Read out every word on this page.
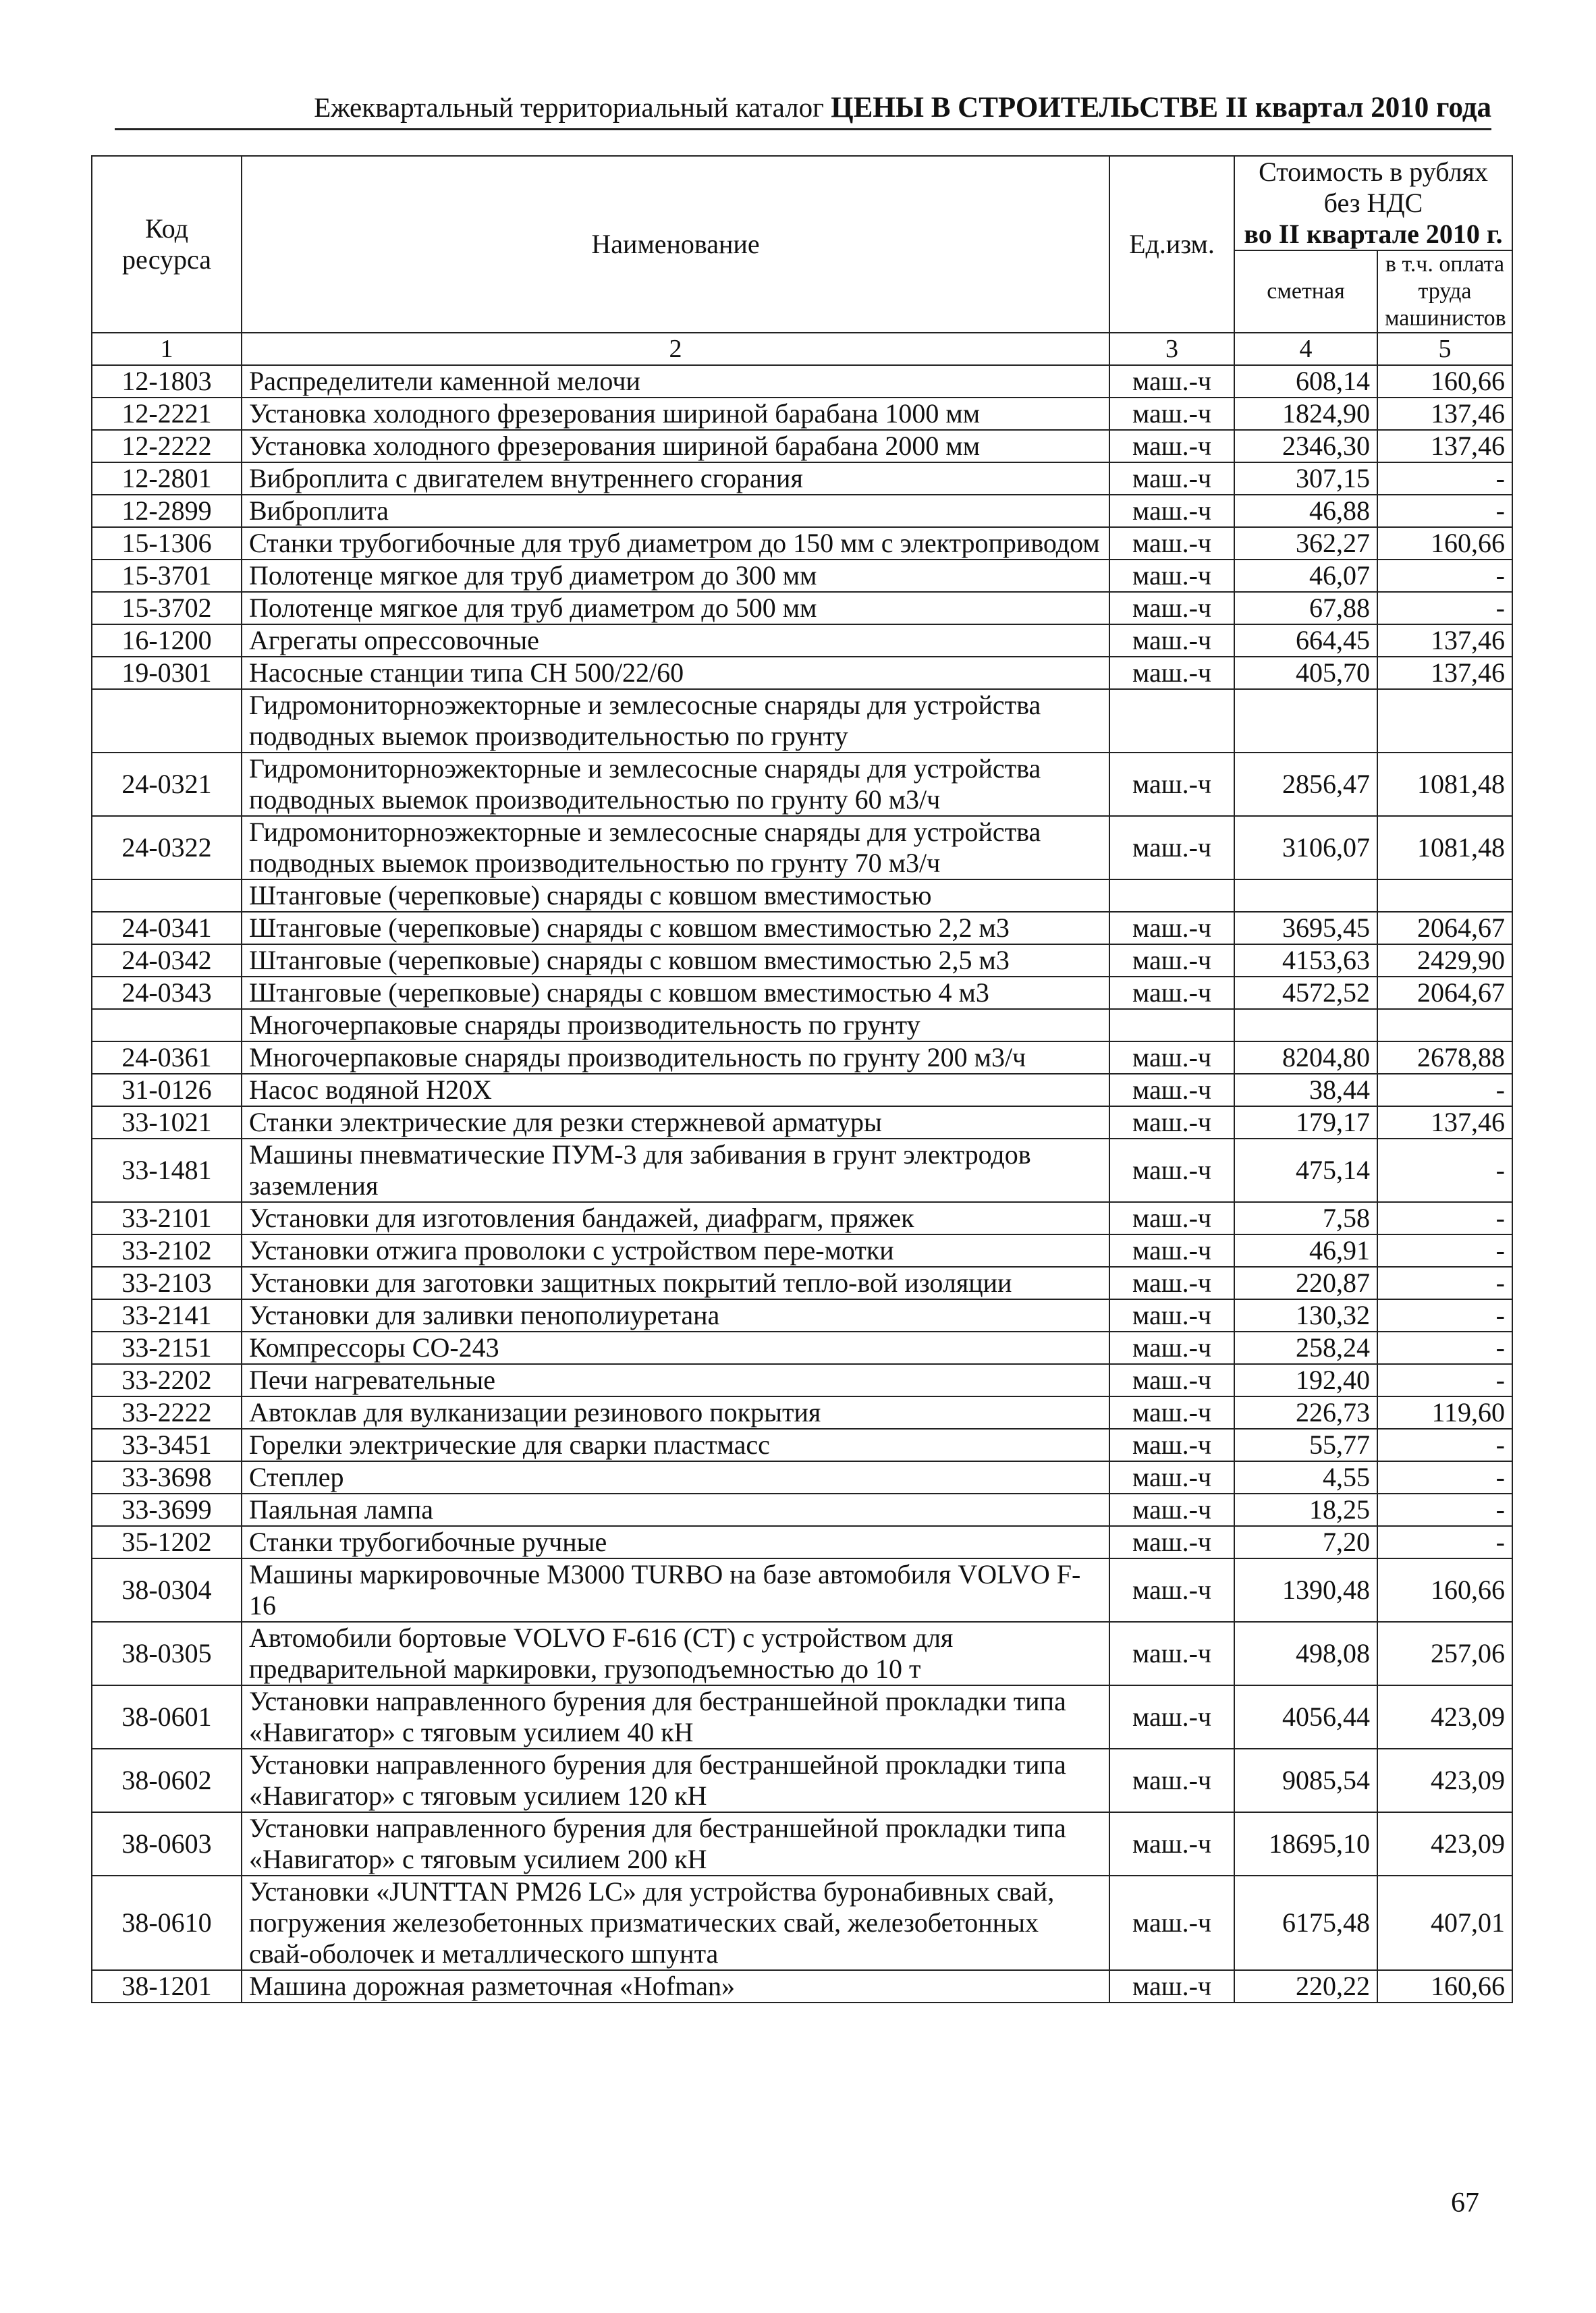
Ежеквартальный территориальный каталог ЦЕНЫ В СТРОИТЕЛЬСТВЕ II квартал 2010 года
Код ресурса	Наименование	Ед.изм.	Стоимость в рублях без НДС
во II квартале 2010 г.	

			сметная	в т.ч. оплата труда машинистов
1	2	3	4	5
12-1803	Распределители каменной мелочи	маш.-ч	608,14	160,66
12-2221	Установка холодного фрезерования шириной барабана 1000 мм	маш.-ч	1824,90	137,46
12-2222	Установка холодного фрезерования шириной барабана 2000 мм	маш.-ч	2346,30	137,46
12-2801	Виброплита с двигателем внутреннего сгорания	маш.-ч	307,15	-
12-2899	Виброплита	маш.-ч	46,88	-
15-1306	Станки трубогибочные для труб диаметром до 150 мм с электроприводом	маш.-ч	362,27	160,66
15-3701	Полотенце мягкое для труб диаметром до 300 мм	маш.-ч	46,07	-
15-3702	Полотенце мягкое для труб диаметром до 500 мм	маш.-ч	67,88	-
16-1200	Агрегаты опрессовочные	маш.-ч	664,45	137,46
19-0301	Насосные станции типа СН 500/22/60	маш.-ч	405,70	137,46
	Гидромониторноэжекторные и землесосные снаряды для устройства подводных выемок производительностью по грунту			
24-0321	Гидромониторноэжекторные и землесосные снаряды для устройства подводных выемок производительностью по грунту 60 м3/ч	маш.-ч	2856,47	1081,48
24-0322	Гидромониторноэжекторные и землесосные снаряды для устройства подводных выемок производительностью по грунту 70 м3/ч	маш.-ч	3106,07	1081,48
	Штанговые (черепковые) снаряды с ковшом вместимостью			
24-0341	Штанговые (черепковые) снаряды с ковшом вместимостью 2,2 м3	маш.-ч	3695,45	2064,67
24-0342	Штанговые (черепковые) снаряды с ковшом вместимостью 2,5 м3	маш.-ч	4153,63	2429,90
24-0343	Штанговые (черепковые) снаряды с ковшом вместимостью 4 м3	маш.-ч	4572,52	2064,67
	Многочерпаковые снаряды производительность по грунту			
24-0361	Многочерпаковые снаряды производительность по грунту 200 м3/ч	маш.-ч	8204,80	2678,88
31-0126	Насос водяной Н20Х	маш.-ч	38,44	-
33-1021	Станки электрические для резки стержневой арматуры	маш.-ч	179,17	137,46
33-1481	Машины пневматические ПУМ-3 для забивания в грунт электродов заземления	маш.-ч	475,14	-
33-2101	Установки для изготовления бандажей, диафрагм, пряжек	маш.-ч	7,58	-
33-2102	Установки отжига проволоки с устройством пере-мотки	маш.-ч	46,91	-
33-2103	Установки для заготовки защитных покрытий тепло-вой изоляции	маш.-ч	220,87	-
33-2141	Установки для заливки пенополиуретана	маш.-ч	130,32	-
33-2151	Компрессоры СО-243	маш.-ч	258,24	-
33-2202	Печи нагревательные	маш.-ч	192,40	-
33-2222	Автоклав для вулканизации резинового покрытия	маш.-ч	226,73	119,60
33-3451	Горелки электрические для сварки пластмасс	маш.-ч	55,77	-
33-3698	Степлер	маш.-ч	4,55	-
33-3699	Паяльная лампа	маш.-ч	18,25	-
35-1202	Станки трубогибочные ручные	маш.-ч	7,20	-
38-0304	Машины маркировочные М3000 TURBO на базе автомобиля VOLVO F-16	маш.-ч	1390,48	160,66
38-0305	Автомобили бортовые VOLVO F-616 (СТ) с устройством для предварительной маркировки, грузоподъемностью до 10 т	маш.-ч	498,08	257,06
38-0601	Установки направленного бурения для бестраншейной прокладки типа «Навигатор» с тяговым усилием 40 кН	маш.-ч	4056,44	423,09
38-0602	Установки направленного бурения для бестраншейной прокладки типа «Навигатор» с тяговым усилием 120 кН	маш.-ч	9085,54	423,09
38-0603	Установки направленного бурения для бестраншейной прокладки типа «Навигатор» с тяговым усилием 200 кН	маш.-ч	18695,10	423,09
38-0610	Установки «JUNTTAN PM26 LC» для устройства буронабивных свай, погружения железобетонных призматических свай, железобетонных свай-оболочек и металлического шпунта	маш.-ч	6175,48	407,01
38-1201	Машина дорожная разметочная «Hofman»	маш.-ч	220,22	160,66
67
